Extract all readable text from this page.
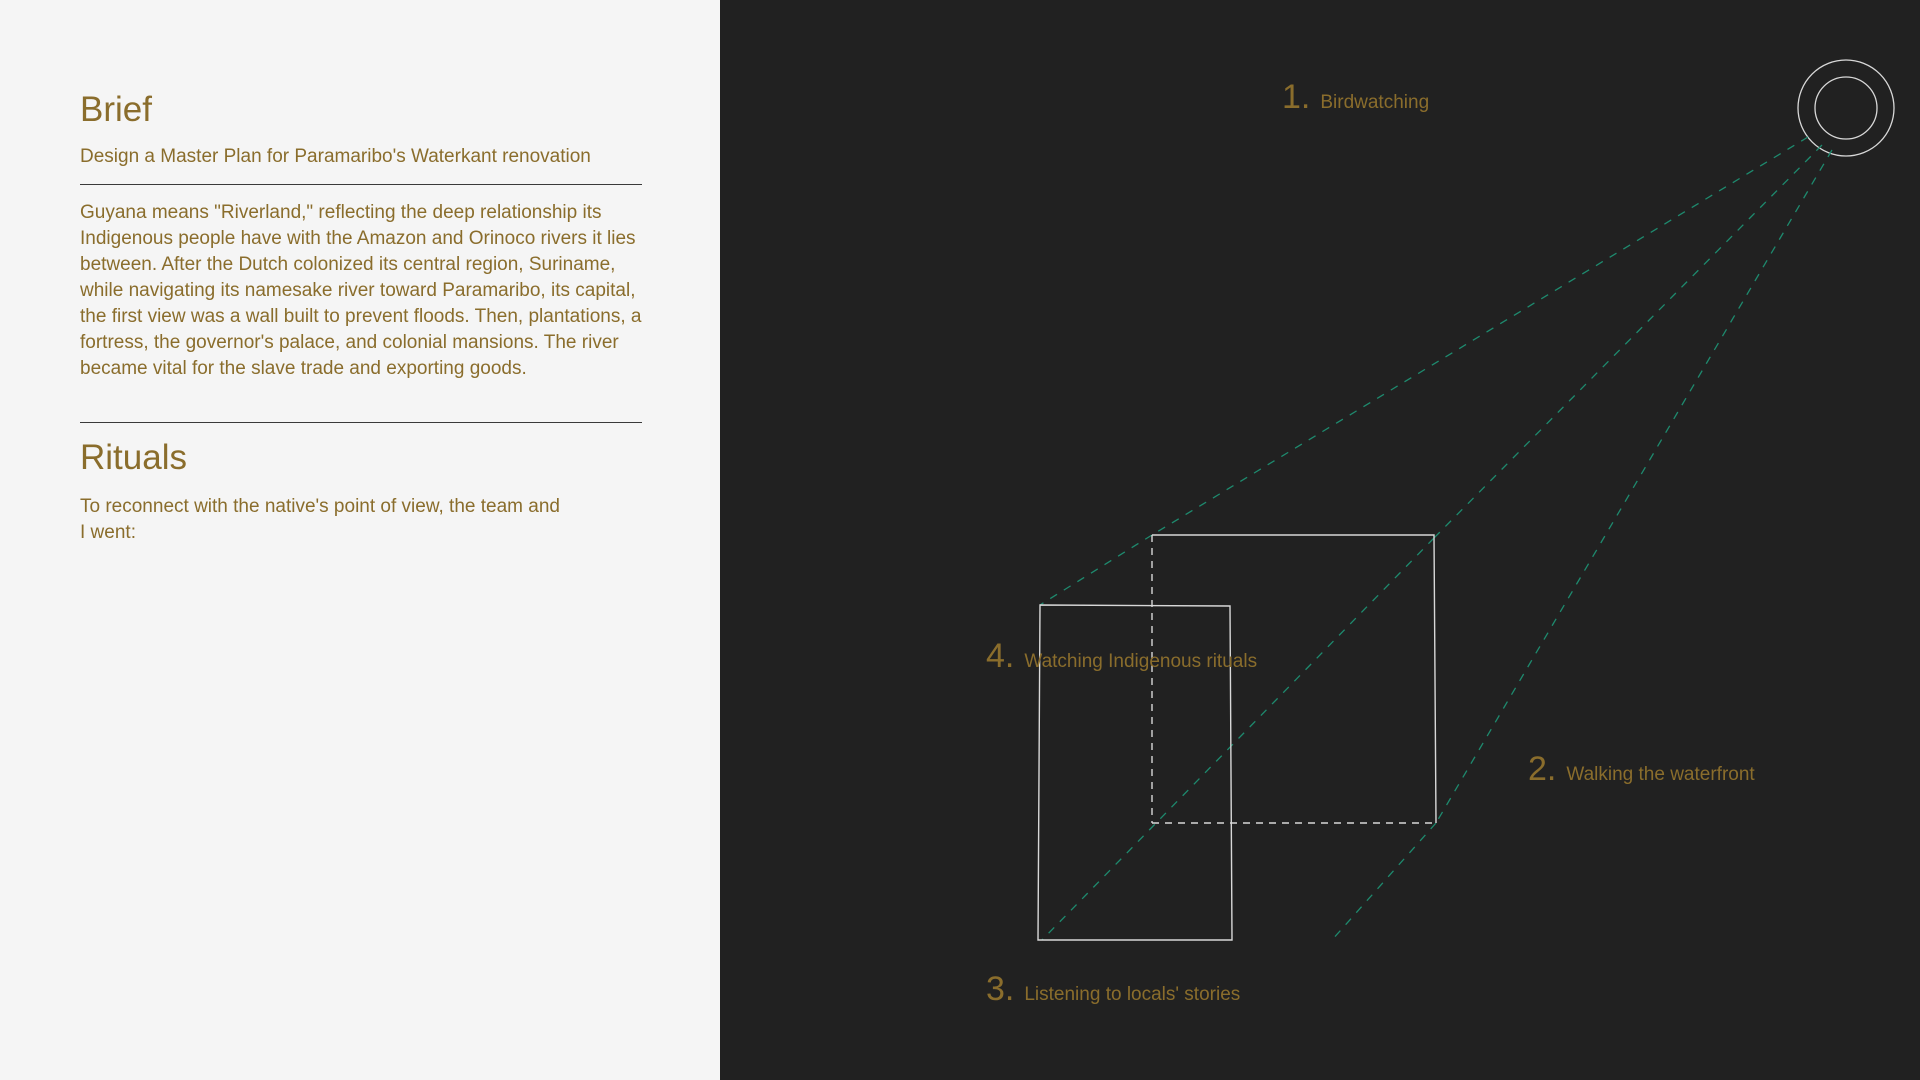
Brief
Design a Master Plan for Paramaribo's Waterkant renovation

Guyana means "Riverland," reflecting the deep relationship its Indigenous people have with the Amazon and Orinoco rivers it lies between. After the Dutch colonized its central region, Suriname, while navigating its namesake river toward Paramaribo, its capital, the first view was a wall built to prevent floods. Then, plantations, a fortress, the governor's palace, and colonial mansions. The river became vital for the slave trade and exporting goods.

Rituals

To reconnect with the native's point of view, the team and I went:

1. Birdwatching
2. Walking the waterfront
3. Listening to locals' stories
4. Watching Indigenous rituals
